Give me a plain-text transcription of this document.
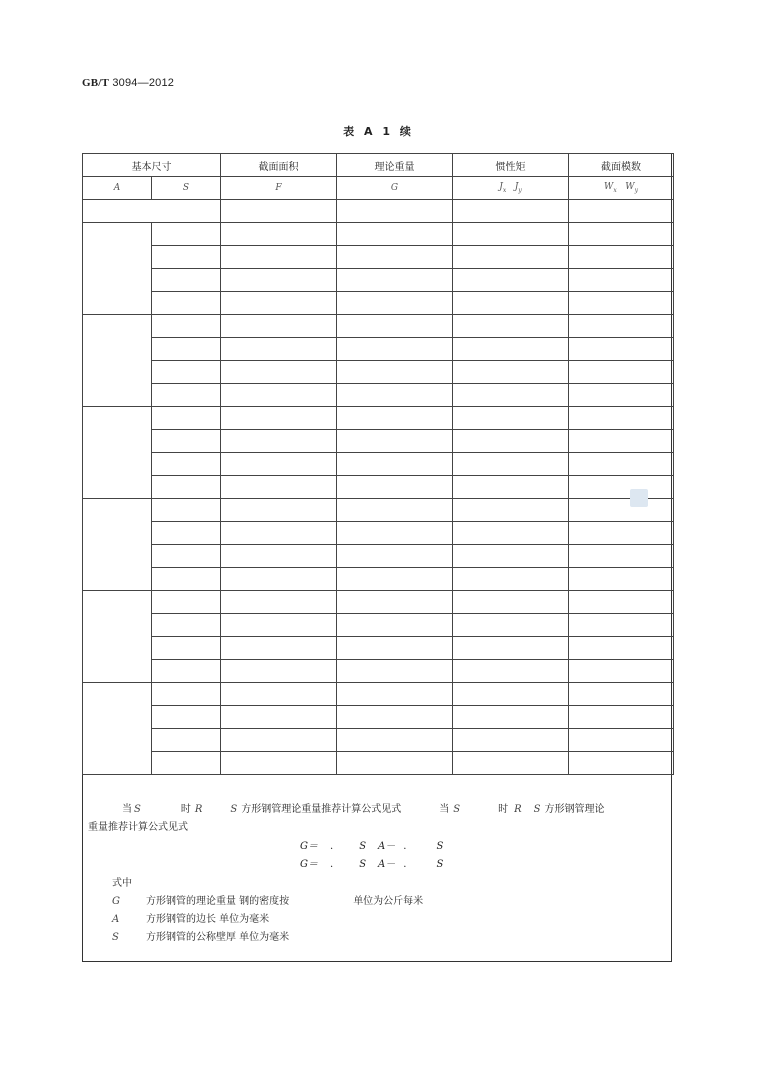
GB/T 3094—2012
表 A 1 续
基本尺寸		截面面积	理论重量	惯性矩	截面模数
A	S	F	G	$J_x$ $J_y$	$W_x$ $W_y$

当 S	时 R	S 方形钢管理论重量推荐计算公式见式	当 S	时 R S 方形钢管理论
重量推荐计算公式见式
G＝ .	S A－ .	S
G＝ .	S A－ .	S
式中
G	方形钢管的理论重量 钢的密度按	单位为公斤每米
A	方形钢管的边长 单位为毫米
S	方形钢管的公称壁厚 单位为毫米
